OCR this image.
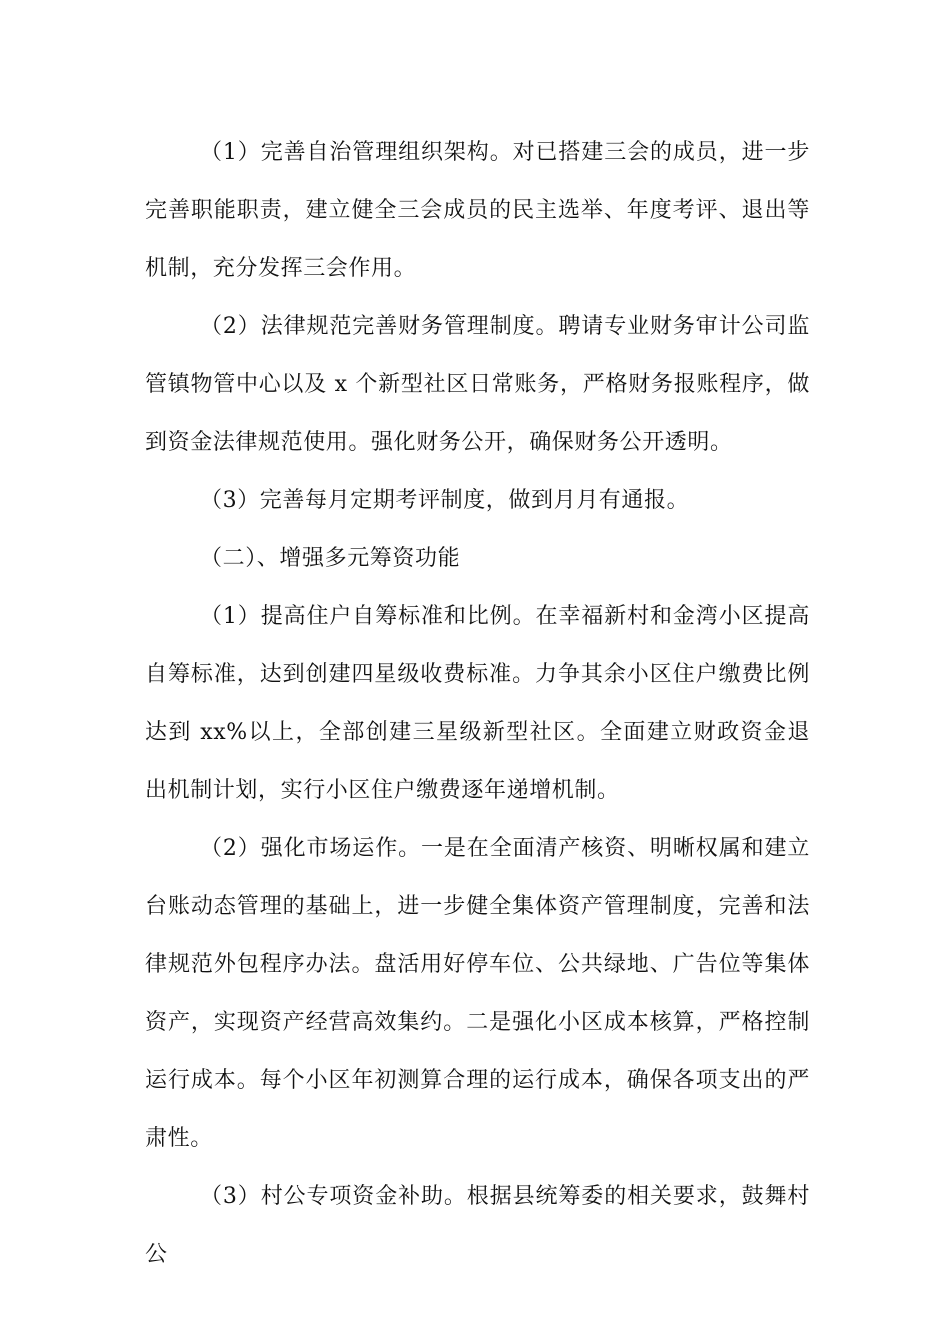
（1）完善自治管理组织架构。对已搭建三会的成员，进一步完善职能职责，建立健全三会成员的民主选举、年度考评、退出等机制，充分发挥三会作用。

（2）法律规范完善财务管理制度。聘请专业财务审计公司监管镇物管中心以及 x 个新型社区日常账务，严格财务报账程序，做到资金法律规范使用。强化财务公开，确保财务公开透明。

（3）完善每月定期考评制度，做到月月有通报。

（二）、增强多元筹资功能

（1）提高住户自筹标准和比例。在幸福新村和金湾小区提高自筹标准，达到创建四星级收费标准。力争其余小区住户缴费比例达到 xx%以上，全部创建三星级新型社区。全面建立财政资金退出机制计划，实行小区住户缴费逐年递增机制。

（2）强化市场运作。一是在全面清产核资、明晰权属和建立台账动态管理的基础上，进一步健全集体资产管理制度，完善和法律规范外包程序办法。盘活用好停车位、公共绿地、广告位等集体资产，实现资产经营高效集约。二是强化小区成本核算，严格控制运行成本。每个小区年初测算合理的运行成本，确保各项支出的严肃性。

（3）村公专项资金补助。根据县统筹委的相关要求，鼓舞村公
